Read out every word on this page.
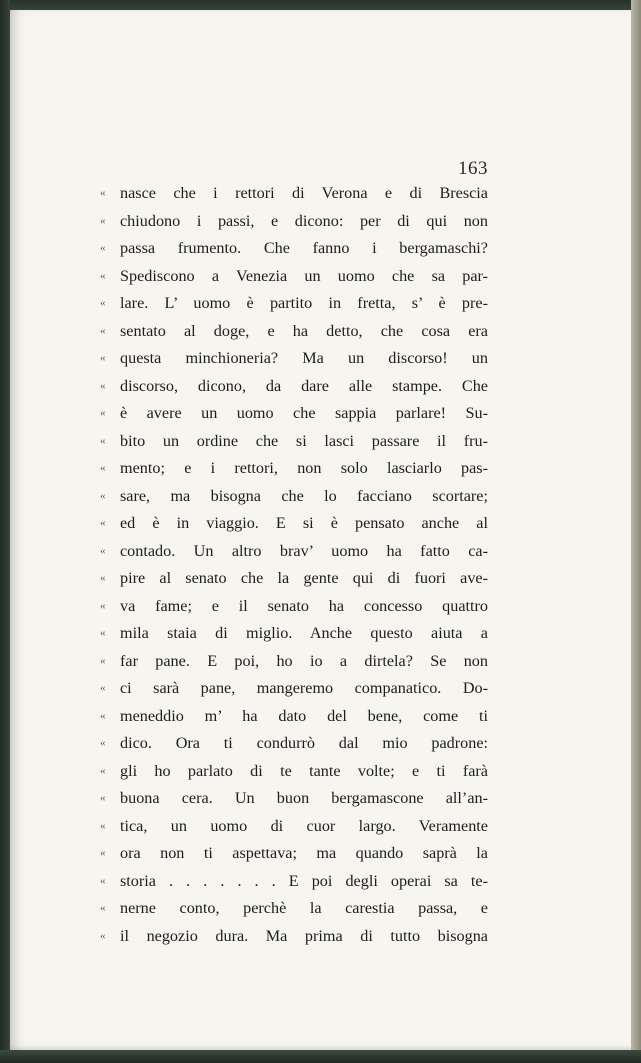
163
« nasce che i rettori di Verona e di Brescia
« chiudono i passi, e dicono: per di qui non
« passa frumento. Che fanno i bergamaschi?
« Spediscono a Venezia un uomo che sa par-
« lare. L’ uomo è partito in fretta, s’ è pre-
« sentato al doge, e ha detto, che cosa era
« questa minchioneria? Ma un discorso! un
« discorso, dicono, da dare alle stampe. Che
« è avere un uomo che sappia parlare! Su-
« bito un ordine che si lasci passare il fru-
« mento; e i rettori, non solo lasciarlo pas-
« sare, ma bisogna che lo facciano scortare;
« ed è in viaggio. E si è pensato anche al
« contado. Un altro brav’ uomo ha fatto ca-
« pire al senato che la gente qui di fuori ave-
« va fame; e il senato ha concesso quattro
« mila staia di miglio. Anche questo aiuta a
« far pane. E poi, ho io a dirtela? Se non
« ci sarà pane, mangeremo companatico. Do-
« meneddio m’ ha dato del bene, come ti
« dico. Ora ti condurrò dal mio padrone:
« gli ho parlato di te tante volte; e ti farà
« buona cera. Un buon bergamascone all’an-
« tica, un uomo di cuor largo. Veramente
« ora non ti aspettava; ma quando saprà la
« storia . . . . . . . E poi degli operai sa te-
« nerne conto, perchè la carestia passa, e
« il negozio dura. Ma prima di tutto bisogna
